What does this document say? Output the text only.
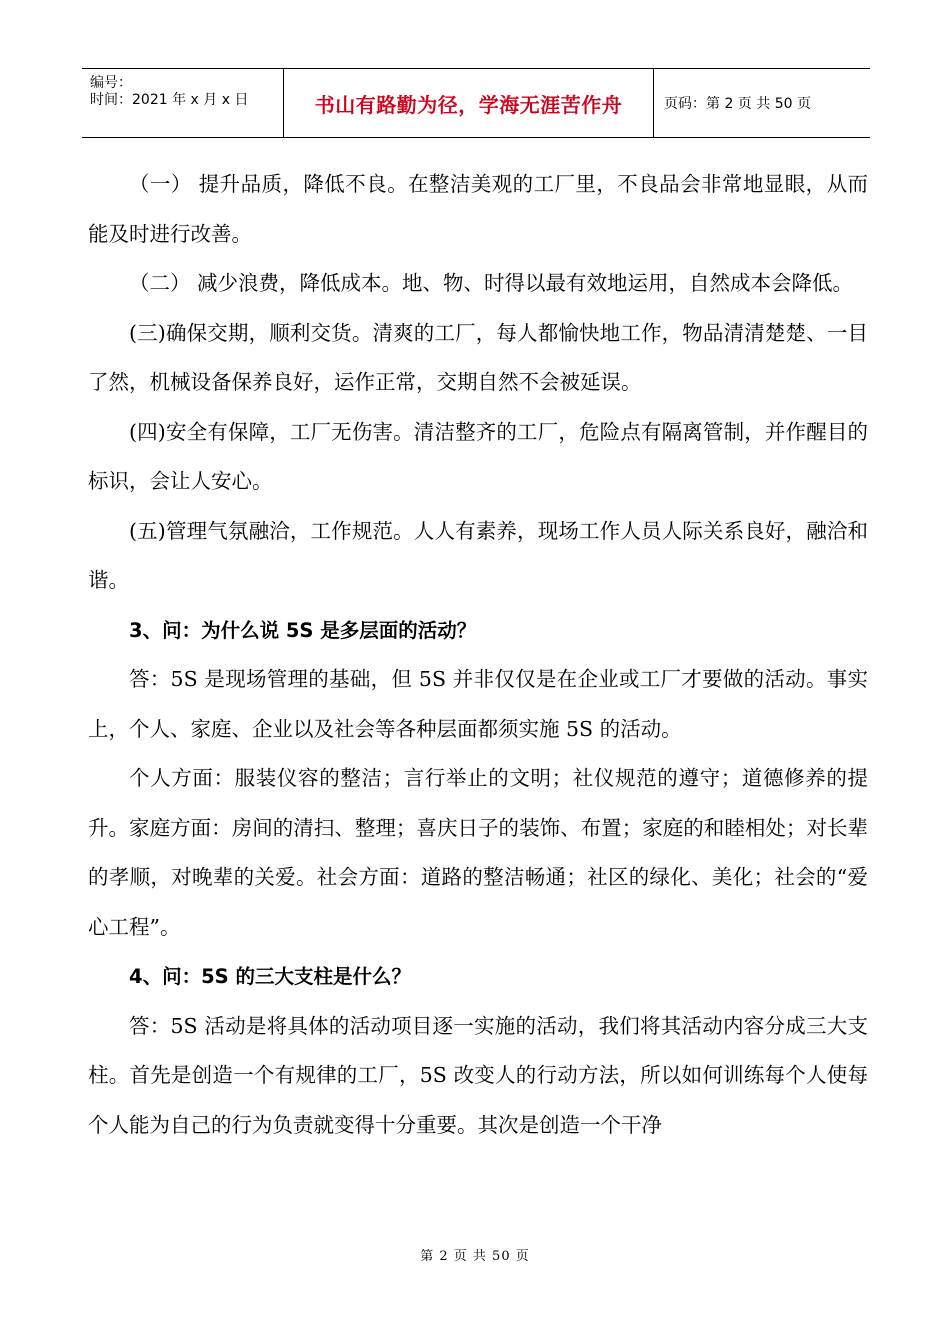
编号：
时间：2021 年 x 月 x 日	书山有路勤为径，学海无涯苦作舟	页码：第 2 页 共 50 页

（一） 提升品质，降低不良。在整洁美观的工厂里，不良品会非常地显眼，从而能及时进行改善。

（二） 减少浪费，降低成本。地、物、时得以最有效地运用，自然成本会降低。

(三)确保交期，顺利交货。清爽的工厂，每人都愉快地工作，物品清清楚楚、一目了然，机械设备保养良好，运作正常，交期自然不会被延误。

(四)安全有保障，工厂无伤害。清洁整齐的工厂，危险点有隔离管制，并作醒目的标识，会让人安心。

(五)管理气氛融洽，工作规范。人人有素养，现场工作人员人际关系良好，融洽和谐。

3、问：为什么说 5S 是多层面的活动？

答：5S 是现场管理的基础，但 5S 并非仅仅是在企业或工厂才要做的活动。事实上，个人、家庭、企业以及社会等各种层面都须实施 5S 的活动。

个人方面：服装仪容的整洁；言行举止的文明；社仪规范的遵守；道德修养的提升。家庭方面：房间的清扫、整理；喜庆日子的装饰、布置；家庭的和睦相处；对长辈的孝顺，对晚辈的关爱。社会方面：道路的整洁畅通；社区的绿化、美化；社会的“爱心工程”。

4、问：5S 的三大支柱是什么？

答：5S 活动是将具体的活动项目逐一实施的活动，我们将其活动内容分成三大支柱。首先是创造一个有规律的工厂，5S 改变人的行动方法，所以如何训练每个人使每个人能为自己的行为负责就变得十分重要。其次是创造一个干净

第 2 页 共 50 页
